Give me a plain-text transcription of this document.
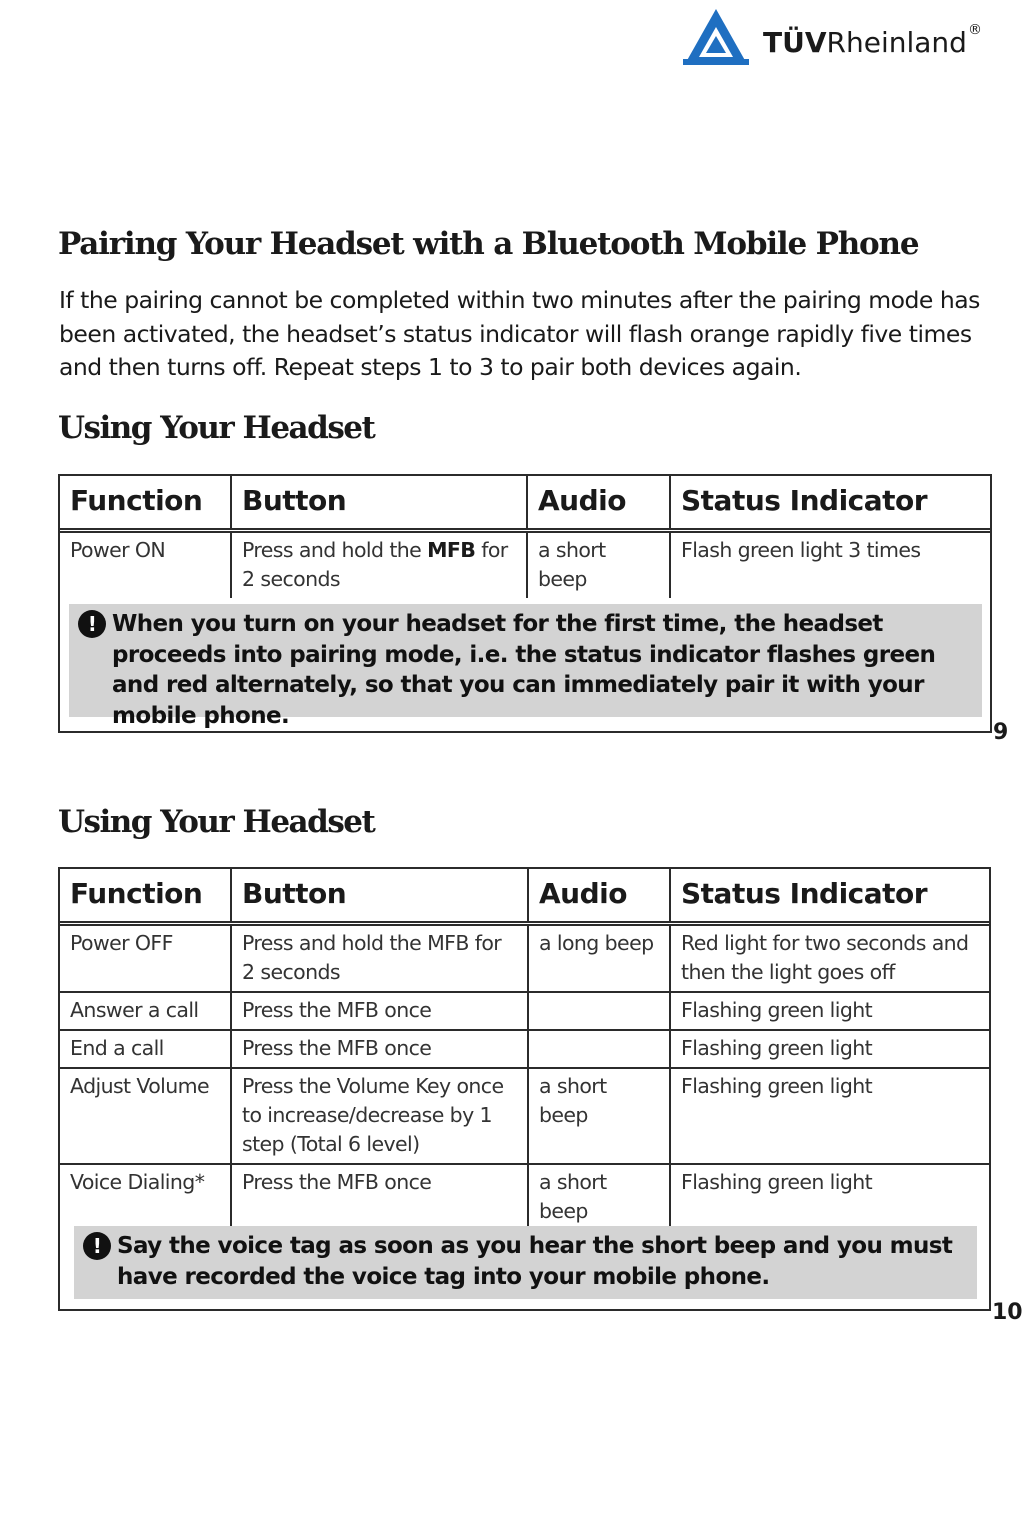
TÜVRheinland®
Pairing Your Headset with a Bluetooth Mobile Phone
If the pairing cannot be completed within two minutes after the pairing mode has been activated, the headset’s status indicator will flash orange rapidly five times and then turns off. Repeat steps 1 to 3 to pair both devices again.
Using Your Headset
Function	Button	Audio	Status Indicator
Power ON	Press and hold the MFB for 2 seconds	a short beep	Flash green light 3 times
! When you turn on your headset for the first time, the headset proceeds into pairing mode, i.e. the status indicator flashes green and red alternately, so that you can immediately pair it with your mobile phone.
9
Using Your Headset
Function	Button	Audio	Status Indicator
Power OFF	Press and hold the MFB for 2 seconds	a long beep	Red light for two seconds and then the light goes off
Answer a call	Press the MFB once		Flashing green light
End a call	Press the MFB once		Flashing green light
Adjust Volume	Press the Volume Key once to increase/decrease by 1 step (Total 6 level)	a short beep	Flashing green light
Voice Dialing*	Press the MFB once	a short beep	Flashing green light
! Say the voice tag as soon as you hear the short beep and you must have recorded the voice tag into your mobile phone.
10
